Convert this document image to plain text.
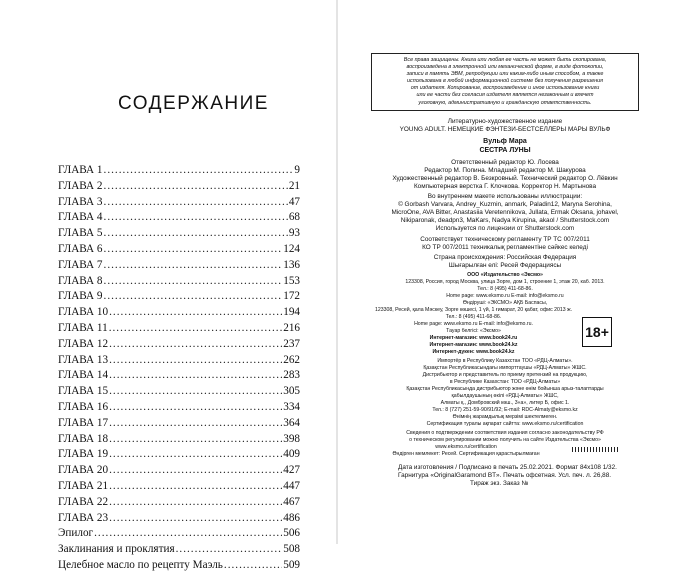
СОДЕРЖАНИЕ
ГЛАВА 1 .....	9
ГЛАВА 2 .....	21
ГЛАВА 3 .....	47
ГЛАВА 4 .....	68
ГЛАВА 5 .....	93
ГЛАВА 6 .....	124
ГЛАВА 7 .....	136
ГЛАВА 8 .....	153
ГЛАВА 9 .....	172
ГЛАВА 10 .....	194
ГЛАВА 11 .....	216
ГЛАВА 12 .....	237
ГЛАВА 13 .....	262
ГЛАВА 14 .....	283
ГЛАВА 15 .....	305
ГЛАВА 16 .....	334
ГЛАВА 17 .....	364
ГЛАВА 18 .....	398
ГЛАВА 19 .....	409
ГЛАВА 20 .....	427
ГЛАВА 21 .....	447
ГЛАВА 22 .....	467
ГЛАВА 23 .....	486
Эпилог .....	506
Заклинания и проклятия .....	508
Целебное масло по рецепту Маэль .....	509
Все права защищены. Книга или любая ее часть не может быть скопирована,
воспроизведена в электронной или механической форме, в виде фотокопии,
записи в память ЭВМ, репродукции или каким-либо иным способом, а также
использована в любой информационной системе без получения разрешения
от издателя. Копирование, воспроизведение и иное использование книги
или ее части без согласия издателя является незаконным и влечет
уголовную, административную и гражданскую ответственность.
Литературно-художественное издание
YOUNG ADULT. НЕМЕЦКИЕ ФЭНТЕЗИ-БЕСТСЕЛЛЕРЫ МАРЫ ВУЛЬФ
Вульф Мара
СЕСТРА ЛУНЫ
Ответственный редактор Ю. Лосева
Редактор М. Попина. Младший редактор М. Шакурова
Художественный редактор В. Безкровный. Технический редактор О. Лёвкин
Компьютерная верстка Г. Клочкова. Корректор Н. Мартынова
Во внутреннем макете использованы иллюстрации:
© Gorbash Varvara, Andrey_Kuzmin, anmark, Paladin12, Maryna Serohina,
MicroOne, AVA Bitter, Anastasiia Veretennikova, Jullata, Ermak Oksana, johavel,
Nikiparonak, deadpn3, MaKars, Nadya Kirupina, akaol / Shutterstock.com
Используется по лицензии от Shutterstock.com
Соответствует техническому регламенту ТР ТС 007/2011
КО ТР 007/2011 техникалық регламентіне сәйкес келеді
Страна происхождения: Российская Федерация
Шығарылған елі: Ресей Федерациясы
ООО «Издательство «Эксмо»
123308, Россия, город Москва, улица Зорге, дом 1, строение 1, этаж 20, каб. 2013.
Тел.: 8 (495) 411-68-86.
Home page: www.eksmo.ru E-mail: info@eksmo.ru
Өндіруші: «ЭКСМО» АҚБ Баспасы,
123308, Ресей, қала Мәскеу, Зорге көшесі, 1 үй, 1 ғимарат, 20 қабат, офис 2013 ж.
Тел.: 8 (495) 411-68-86.
Home page: www.eksmo.ru E-mail: info@eksmo.ru.
Тауар белгісі: «Эксмо»
Интернет-магазин: www.book24.ru
Интернет-магазин: www.book24.kz
Интернет-дүкен: www.book24.kz
18+
Импортёр в Республику Казахстан ТОО «РДЦ-Алматы».
Қазақстан Республикасындағы импорттаушы «РДЦ-Алматы» ЖШС.
Дистрибьютор и представитель по приему претензий на продукцию,
в Республике Казахстан: ТОО «РДЦ-Алматы»
Қазақстан Республикасында дистрибьютор және өнім бойынша арыз-талаптарды
қабылдаушының өкілі «РДЦ-Алматы» ЖШС,
Алматы қ., Домбровский көш., 3«а», литер Б, офис 1.
Тел.: 8 (727) 251-59-90/91/92; E-mail: RDC-Almaty@eksmo.kz
Өнімнің жарамдылық мерзімі шектелмеген.
Сертификация туралы ақпарат сайтта: www.eksmo.ru/certification
Сведения о подтверждении соответствия издания согласно законодательству РФ
о техническом регулировании можно получить на сайте Издательства «Эксмо»
www.eksmo.ru/certification
Өндірген мемлекет: Ресей. Сертификация қарастырылмаған
Дата изготовления / Подписано в печать 25.02.2021. Формат 84x108 1/32.
Гарнитура «OriginalGaramond BT». Печать офсетная. Усл. печ. л. 26,88.
Тираж экз. Заказ №
